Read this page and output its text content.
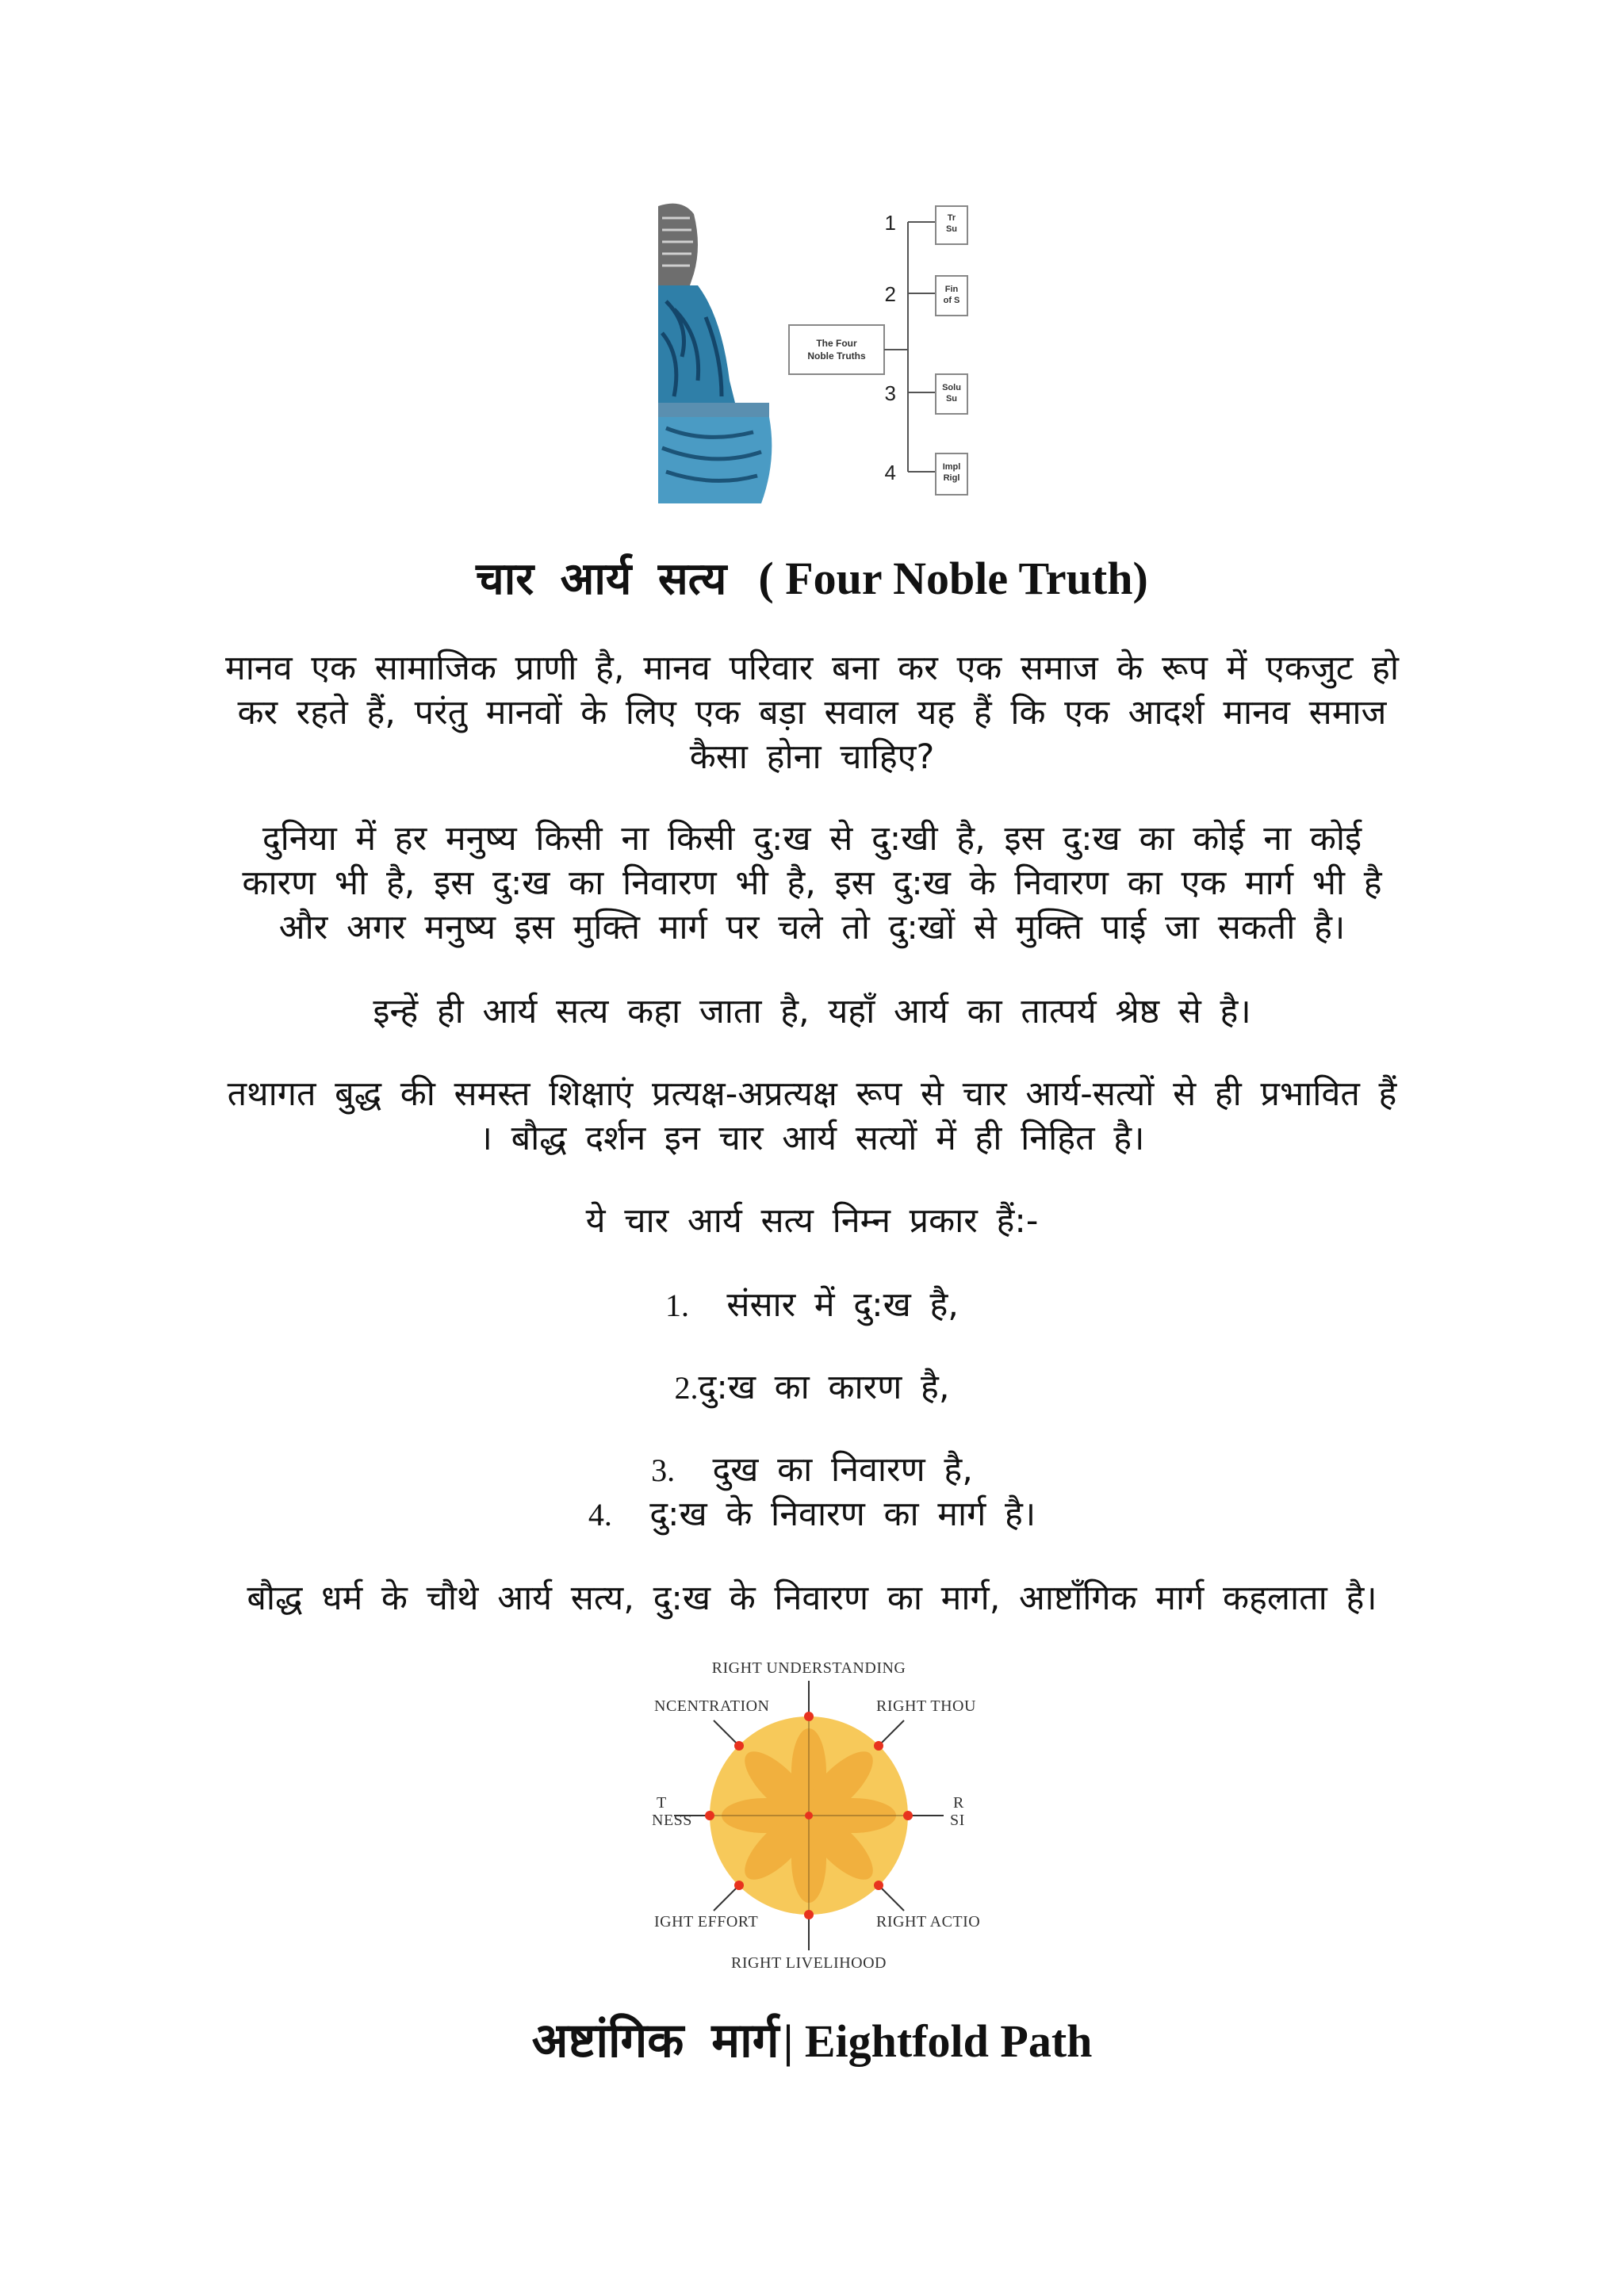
The Four
Noble Truths
1	Tr
Su
2	Fin
of S
3	Solu
Su
4	Impl
Rigl
चार आर्य सत्य ( Four Noble Truth)

मानव एक सामाजिक प्राणी है, मानव परिवार बना कर एक समाज के रूप में एकजुट हो
कर रहते हैं, परंतु मानवों के लिए एक बड़ा सवाल यह हैं कि एक आदर्श मानव समाज
कैसा होना चाहिए?

दुनिया में हर मनुष्य किसी ना किसी दु:ख से दु:खी है, इस दु:ख का कोई ना कोई
कारण भी है, इस दु:ख का निवारण भी है, इस दु:ख के निवारण का एक मार्ग भी है
और अगर मनुष्य इस मुक्ति मार्ग पर चले तो दु:खों से मुक्ति पाई जा सकती है।

इन्हें ही आर्य सत्य कहा जाता है, यहाँ आर्य का तात्पर्य श्रेष्ठ से है।

तथागत बुद्ध की समस्त शिक्षाएं प्रत्यक्ष-अप्रत्यक्ष रूप से चार आर्य-सत्यों से ही प्रभावित हैं
। बौद्ध दर्शन इन चार आर्य सत्यों में ही निहित है।

ये चार आर्य सत्य निम्न प्रकार हैं:-

1. संसार में दु:ख है,

2.दु:ख का कारण है,

3. दुख का निवारण है,

4. दु:ख के निवारण का मार्ग है।

बौद्ध धर्म के चौथे आर्य सत्य, दु:ख के निवारण का मार्ग, आष्टाँगिक मार्ग कहलाता है।

RIGHT UNDERSTANDING
RIGHT THOU
NCENTRATION
T
NESS
R
SI
IGHT EFFORT	RIGHT ACTIO
RIGHT LIVELIHOOD
अष्टांगिक मार्ग | Eightfold Path
